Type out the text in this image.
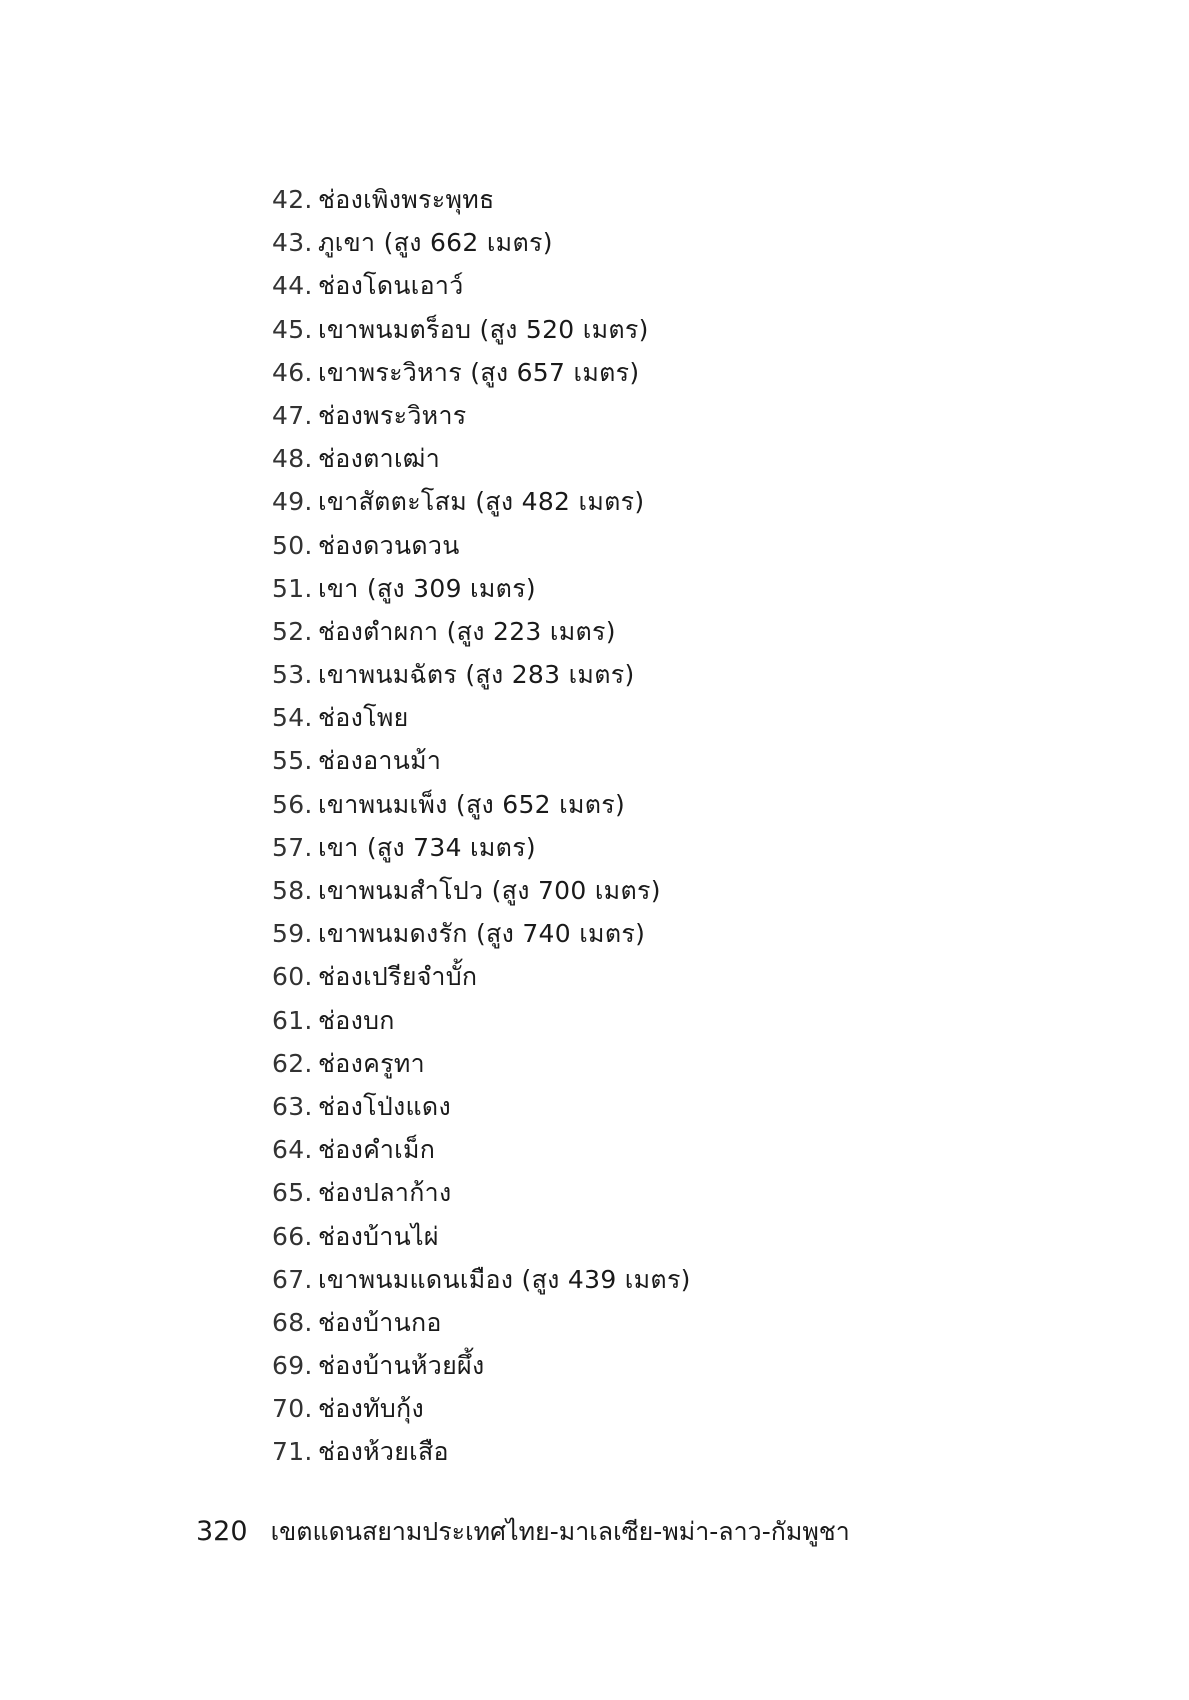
42. ช่องเพิงพระพุทธ
43. ภูเขา (สูง 662 เมตร)
44. ช่องโดนเอาว์
45. เขาพนมตร็อบ (สูง 520 เมตร)
46. เขาพระวิหาร (สูง 657 เมตร)
47. ช่องพระวิหาร
48. ช่องตาเฒ่า
49. เขาสัตตะโสม (สูง 482 เมตร)
50. ช่องดวนดวน
51. เขา (สูง 309 เมตร)
52. ช่องตำผกา (สูง 223 เมตร)
53. เขาพนมฉัตร (สูง 283 เมตร)
54. ช่องโพย
55. ช่องอานม้า
56. เขาพนมเพ็ง (สูง 652 เมตร)
57. เขา (สูง 734 เมตร)
58. เขาพนมสำโปว (สูง 700 เมตร)
59. เขาพนมดงรัก (สูง 740 เมตร)
60. ช่องเปรียจำบั้ก
61. ช่องบก
62. ช่องครูทา
63. ช่องโป่งแดง
64. ช่องคำเม็ก
65. ช่องปลาก้าง
66. ช่องบ้านไผ่
67. เขาพนมแดนเมือง (สูง 439 เมตร)
68. ช่องบ้านกอ
69. ช่องบ้านห้วยผึ้ง
70. ช่องทับกุ้ง
71. ช่องห้วยเสือ
320 เขตแดนสยามประเทศไทย-มาเลเซีย-พม่า-ลาว-กัมพูชา
